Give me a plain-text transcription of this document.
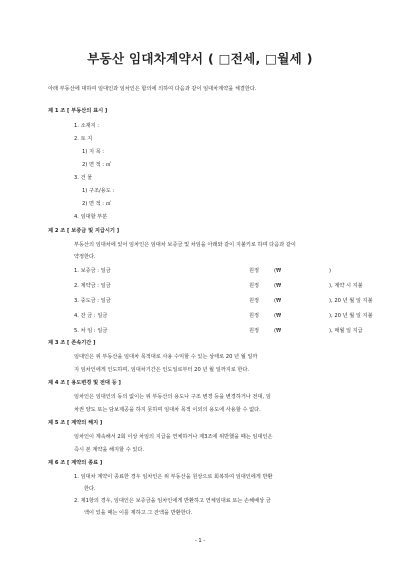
부동산 임대차계약서 ( □전세, □월세 )
아래 부동산에 대하여 임대인과 임차인은 합의에 의하여 다음과 같이 임대차계약을 체결한다.
제 1 조 [ 부동산의 표시 ]
1. 소재지 :
2. 토 지
1) 지 목 :
2) 면 적 : ㎡
3. 건 물
1) 구조/용도 :
2) 면 적 : ㎡
4. 임대할 부분
제 2 조 [ 보증금 및 지급시기 ]
부동산의 임대차에 있어 임차인은 임대차 보증금 및 차임을 아래와 같이 지불키로 하며 다음과 같이
약정한다.
1. 보증금 : 일금	원정	(₩	)
2. 계약금 : 일금	원정	(₩	), 계약 시 지불
3. 중도금 : 일금	원정	(₩	), 20 년 월 일 지불
4. 잔 금 : 일금	원정	(₩	), 20 년 월 일 지불
5. 차 임 : 일금	원정	(₩	), 매월 일 지급
제 3 조 [ 존속기간 ]
임대인은 위 부동산을 임대차 목적대로 사용 수익할 수 있는 상태로 20 년 월 일까
지 임차인에게 인도하며, 임대차기간은 인도일로부터 20 년 월 일까지로 한다.
제 4 조 [ 용도변경 및 전대 등 ]
임차인은 임대인의 동의 없이는 위 부동산의 용도나 구조 변경 등을 변경하거나 전대, 임
차권 양도 또는 담보제공을 하지 못하며 임대차 목적 이외의 용도에 사용할 수 없다.
제 5 조 [ 계약의 해지 ]
임차인이 계속해서 2회 이상 차임의 지급을 연체하거나 제3조에 위반했을 때는 임대인은
즉시 본 계약을 해지할 수 있다.
제 6 조 [ 계약의 종료 ]
1. 임대차 계약이 종료한 경우 임차인은 위 부동산을 원상으로 회복하여 임대인에게 반환
한다.
2. 제1항의 경우, 임대인은 보증금을 임차인에게 반환하고 연체임대료 또는 손해배상 금
액이 있을 때는 이를 제하고 그 잔액을 반환한다.
- 1 -
